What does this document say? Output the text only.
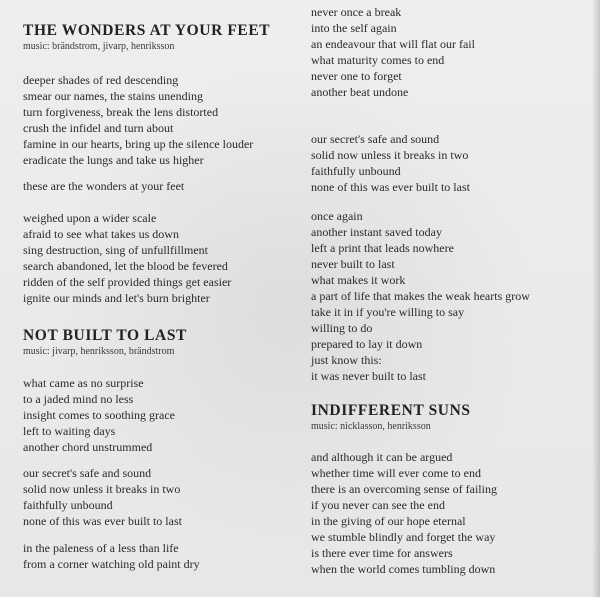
THE WONDERS AT YOUR FEET
music: brändstrom, jivarp, henriksson
deeper shades of red descending
smear our names, the stains unending
turn forgiveness, break the lens distorted
crush the infidel and turn about
famine in our hearts, bring up the silence louder
eradicate the lungs and take us higher
these are the wonders at your feet
weighed upon a wider scale
afraid to see what takes us down
sing destruction, sing of unfullfillment
search abandoned, let the blood be fevered
ridden of the self provided things get easier
ignite our minds and let's burn brighter
NOT BUILT TO LAST
music: jivarp, henriksson, brändstrom
what came as no surprise
to a jaded mind no less
insight comes to soothing grace
left to waiting days
another chord unstrummed
our secret's safe and sound
solid now unless it breaks in two
faithfully unbound
none of this was ever built to last
in the paleness of a less than life
from a corner watching old paint dry
never once a break
into the self again
an endeavour that will flat our fail
what maturity comes to end
never one to forget
another beat undone
our secret's safe and sound
solid now unless it breaks in two
faithfully unbound
none of this was ever built to last
once again
another instant saved today
left a print that leads nowhere
never built to last
what makes it work
a part of life that makes the weak hearts grow
take it in if you're willing to say
willing to do
prepared to lay it down
just know this:
it was never built to last
INDIFFERENT SUNS
music: nicklasson, henriksson
and although it can be argued
whether time will ever come to end
there is an overcoming sense of failing
if you never can see the end
in the giving of our hope eternal
we stumble blindly and forget the way
is there ever time for answers
when the world comes tumbling down
